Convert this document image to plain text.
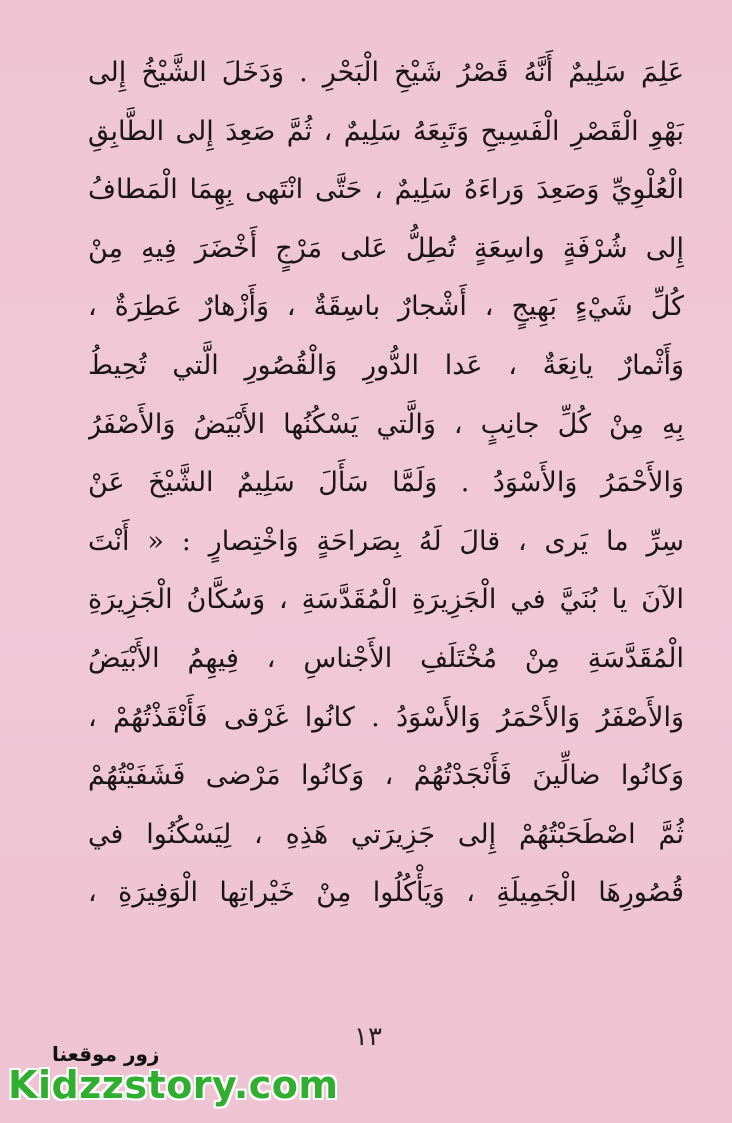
عَلِمَ سَلِيمٌ أَنَّهُ قَصْرُ شَيْخِ الْبَحْرِ . وَدَخَلَ الشَّيْخُ إِلى
بَهْوِ الْقَصْرِ الْفَسِيحِ وَتَبِعَهُ سَلِيمٌ ، ثُمَّ صَعِدَ إِلى الطَّابِقِ
الْعُلْوِيِّ وَصَعِدَ وَراءَهُ سَلِيمٌ ، حَتَّى انْتَهى بِهِمَا الْمَطافُ
إِلى شُرْفَةٍ واسِعَةٍ تُطِلُّ عَلى مَرْجٍ أَخْضَرَ فِيهِ مِنْ
كُلِّ شَيْءٍ بَهِيجٍ ، أَشْجارٌ باسِقَةٌ ، وَأَزْهارٌ عَطِرَةٌ ،
وَأَثْمارٌ يانِعَةٌ ، عَدا الدُّورِ وَالْقُصُورِ الَّتي تُحِيطُ
بِهِ مِنْ كُلِّ جانِبٍ ، وَالَّتي يَسْكُنُها الأَبْيَضُ وَالأَصْفَرُ
وَالأَحْمَرُ وَالأَسْوَدُ . وَلَمَّا سَأَلَ سَلِيمٌ الشَّيْخَ عَنْ
سِرِّ ما يَرى ، قالَ لَهُ بِصَراحَةٍ وَاخْتِصارٍ : « أَنْتَ
الآنَ يا بُنَيَّ في الْجَزِيرَةِ الْمُقَدَّسَةِ ، وَسُكَّانُ الْجَزِيرَةِ
الْمُقَدَّسَةِ مِنْ مُخْتَلَفِ الأَجْناسِ ، فِيهِمُ الأَبْيَضُ
وَالأَصْفَرُ وَالأَحْمَرُ وَالأَسْوَدُ . كانُوا غَرْقى فَأَنْقَذْتُهُمْ ،
وَكانُوا ضالِّينَ فَأَنْجَدْتُهُمْ ، وَكانُوا مَرْضى فَشَفَيْتُهُمْ
ثُمَّ اصْطَحَبْتُهُمْ إِلى جَزِيرَتي هَذِهِ ، لِيَسْكُنُوا في
قُصُورِهَا الْجَمِيلَةِ ، وَيَأْكُلُوا مِنْ خَيْراتِها الْوَفِيرَةِ ،
١٣
زور موقعنا
Kidzzstory.com
